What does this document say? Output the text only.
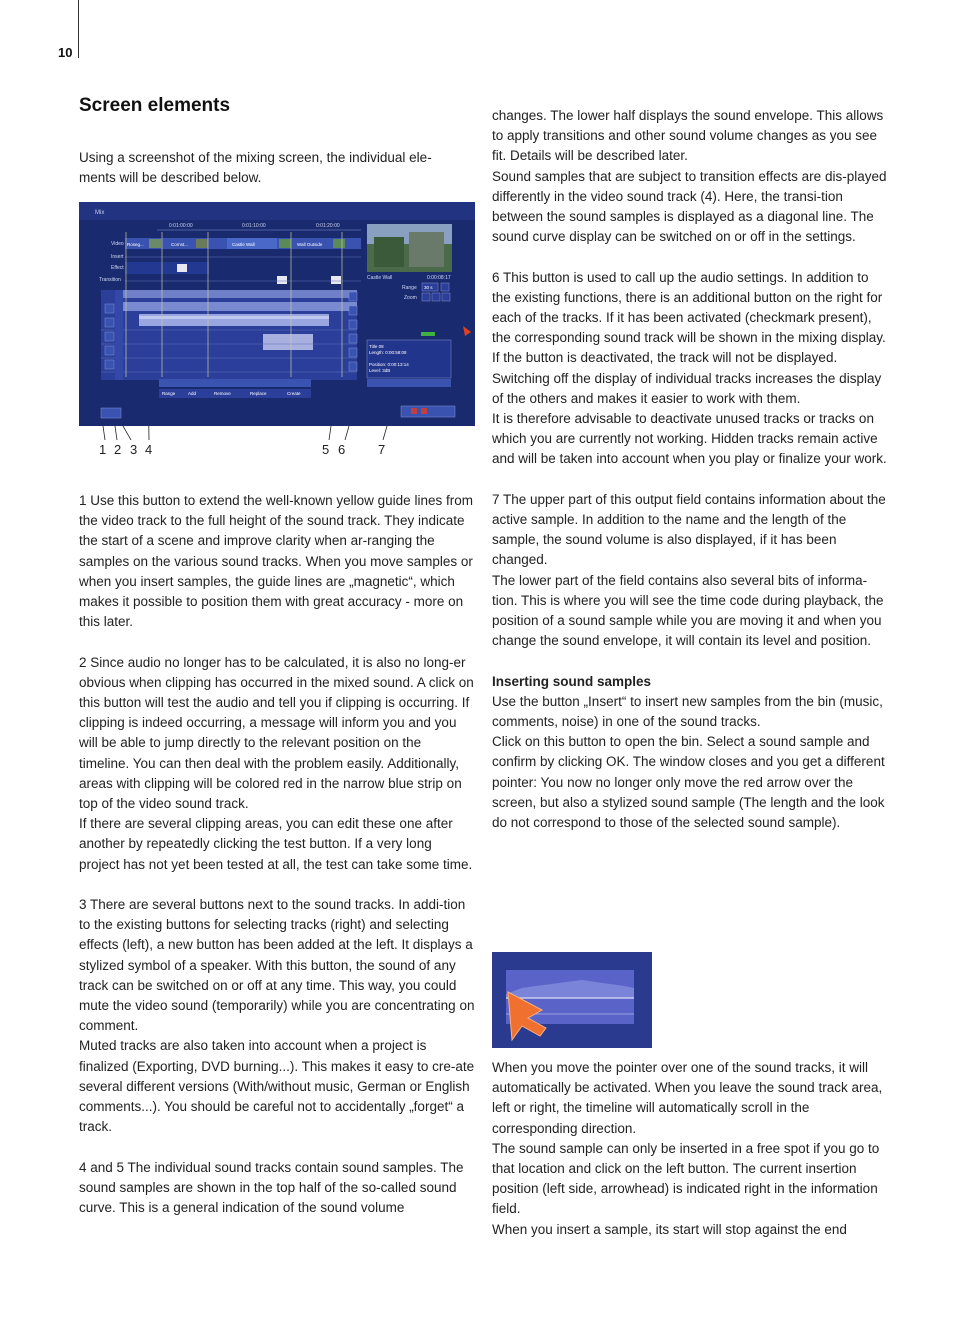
10
Screen elements

Using a screenshot of the mixing screen, the individual ele-
ments will be described below.

Mix
0:01:00:00	0:01:10:00	0:01:20:00
Video
Insert
Effect
Transition
Roseg...	Cornst...	Castle Wall	Wall Outside
Castle Wall	0:00:08:17
Range 30 s
Zoom
Title 08
Length: 0:00:58:08
Position: 0:00:13:14
Level: 3dB
Range	Add	Remove	Replace	Create
1 2 3 4	5 6	7

1 Use this button to extend the well-known yellow guide lines from the video track to the full height of the sound track. They indicate the start of a scene and improve clarity when ar-ranging the samples on the various sound tracks. When you move samples or when you insert samples, the guide lines are „magnetic“, which makes it possible to position them with great accuracy - more on this later.

2 Since audio no longer has to be calculated, it is also no long-er obvious when clipping has occurred in the mixed sound. A click on this button will test the audio and tell you if clipping is occurring. If clipping is indeed occurring, a message will inform you and you will be able to jump directly to the relevant position on the timeline. You can then deal with the problem easily. Additionally, areas with clipping will be colored red in the narrow blue strip on top of the video sound track.
If there are several clipping areas, you can edit these one after another by repeatedly clicking the test button. If a very long project has not yet been tested at all, the test can take some time.

3 There are several buttons next to the sound tracks. In addi-tion to the existing buttons for selecting tracks (right) and selecting effects (left), a new button has been added at the left. It displays a stylized symbol of a speaker. With this button, the sound of any track can be switched on or off at any time. This way, you could mute the video sound (temporarily) while you are concentrating on comment.
Muted tracks are also taken into account when a project is finalized (Exporting, DVD burning...). This makes it easy to cre-ate several different versions (With/without music, German or English comments...). You should be careful not to accidentally „forget“ a track.

4 and 5 The individual sound tracks contain sound samples. The sound samples are shown in the top half of the so-called sound curve. This is a general indication of the sound volume

changes. The lower half displays the sound envelope. This allows to apply transitions and other sound volume changes as you see fit. Details will be described later.
Sound samples that are subject to transition effects are dis-played differently in the video sound track (4). Here, the transi-tion between the sound samples is displayed as a diagonal line. The sound curve display can be switched on or off in the settings.

6 This button is used to call up the audio settings. In addition to the existing functions, there is an additional button on the right for each of the tracks. If it has been activated (checkmark present), the corresponding sound track will be shown in the mixing display. If the button is deactivated, the track will not be displayed.
Switching off the display of individual tracks increases the display of the others and makes it easier to work with them.
It is therefore advisable to deactivate unused tracks or tracks on which you are currently not working. Hidden tracks remain active and will be taken into account when you play or finalize your work.

7 The upper part of this output field contains information about the active sample. In addition to the name and the length of the sample, the sound volume is also displayed, if it has been changed.
The lower part of the field contains also several bits of informa-tion. This is where you will see the time code during playback, the position of a sound sample while you are moving it and when you change the sound envelope, it will contain its level and position.

Inserting sound samples

Use the button „Insert“ to insert new samples from the bin (music, comments, noise) in one of the sound tracks.
Click on this button to open the bin. Select a sound sample and confirm by clicking OK. The window closes and you get a different pointer: You now no longer only move the red arrow over the screen, but also a stylized sound sample (The length and the look do not correspond to those of the selected sound sample).

When you move the pointer over one of the sound tracks, it will automatically be activated. When you leave the sound track area, left or right, the timeline will automatically scroll in the corresponding direction.
The sound sample can only be inserted in a free spot if you go to that location and click on the left button. The current insertion position (left side, arrowhead) is indicated right in the information field.
When you insert a sample, its start will stop against the end
